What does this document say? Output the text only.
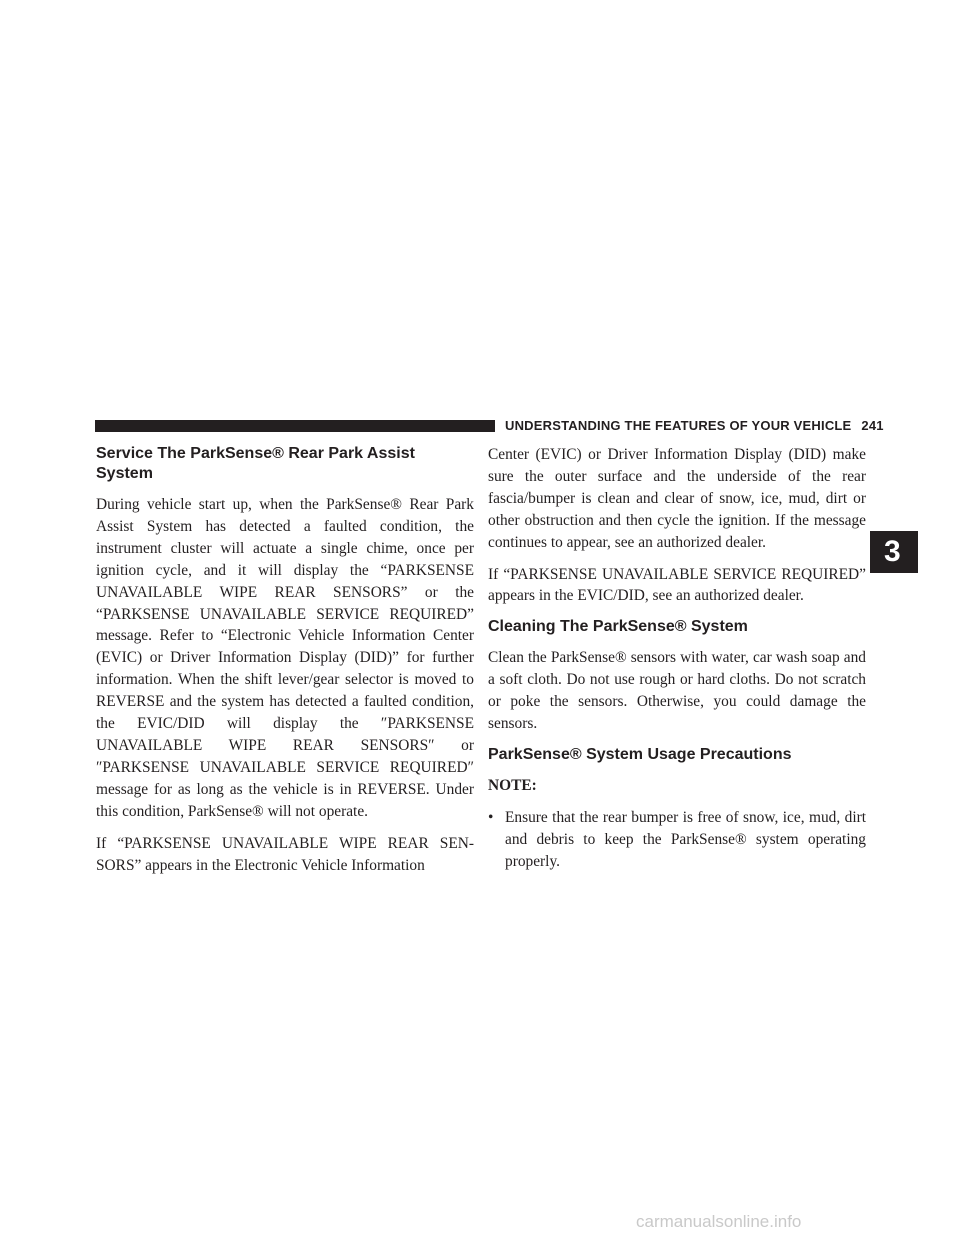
UNDERSTANDING THE FEATURES OF YOUR VEHICLE 241
3
Service The ParkSense® Rear Park Assist System

During vehicle start up, when the ParkSense® Rear Park Assist System has detected a faulted condition, the instrument cluster will actuate a single chime, once per ignition cycle, and it will display the “PARKSENSE UNAVAILABLE WIPE REAR SENSORS” or the “PARKSENSE UNAVAILABLE SERVICE REQUIRED” message. Refer to “Electronic Vehicle Information Center (EVIC) or Driver Information Display (DID)” for further information. When the shift lever/gear selector is moved to REVERSE and the system has detected a faulted condition, the EVIC/DID will display the ″PARKSENSE UNAVAILABLE WIPE REAR SENSORS″ or ″PARKSENSE UNAVAILABLE SERVICE REQUIRED″ message for as long as the vehicle is in REVERSE. Under this condition, ParkSense® will not operate.

If “PARKSENSE UNAVAILABLE WIPE REAR SENSORS” appears in the Electronic Vehicle Information

Center (EVIC) or Driver Information Display (DID) make sure the outer surface and the underside of the rear fascia/bumper is clean and clear of snow, ice, mud, dirt or other obstruction and then cycle the ignition. If the message continues to appear, see an authorized dealer.

If “PARKSENSE UNAVAILABLE SERVICE REQUIRED” appears in the EVIC/DID, see an authorized dealer.

Cleaning The ParkSense® System

Clean the ParkSense® sensors with water, car wash soap and a soft cloth. Do not use rough or hard cloths. Do not scratch or poke the sensors. Otherwise, you could damage the sensors.

ParkSense® System Usage Precautions
NOTE:
• Ensure that the rear bumper is free of snow, ice, mud, dirt and debris to keep the ParkSense® system operating properly.
carmanualsonline.info
